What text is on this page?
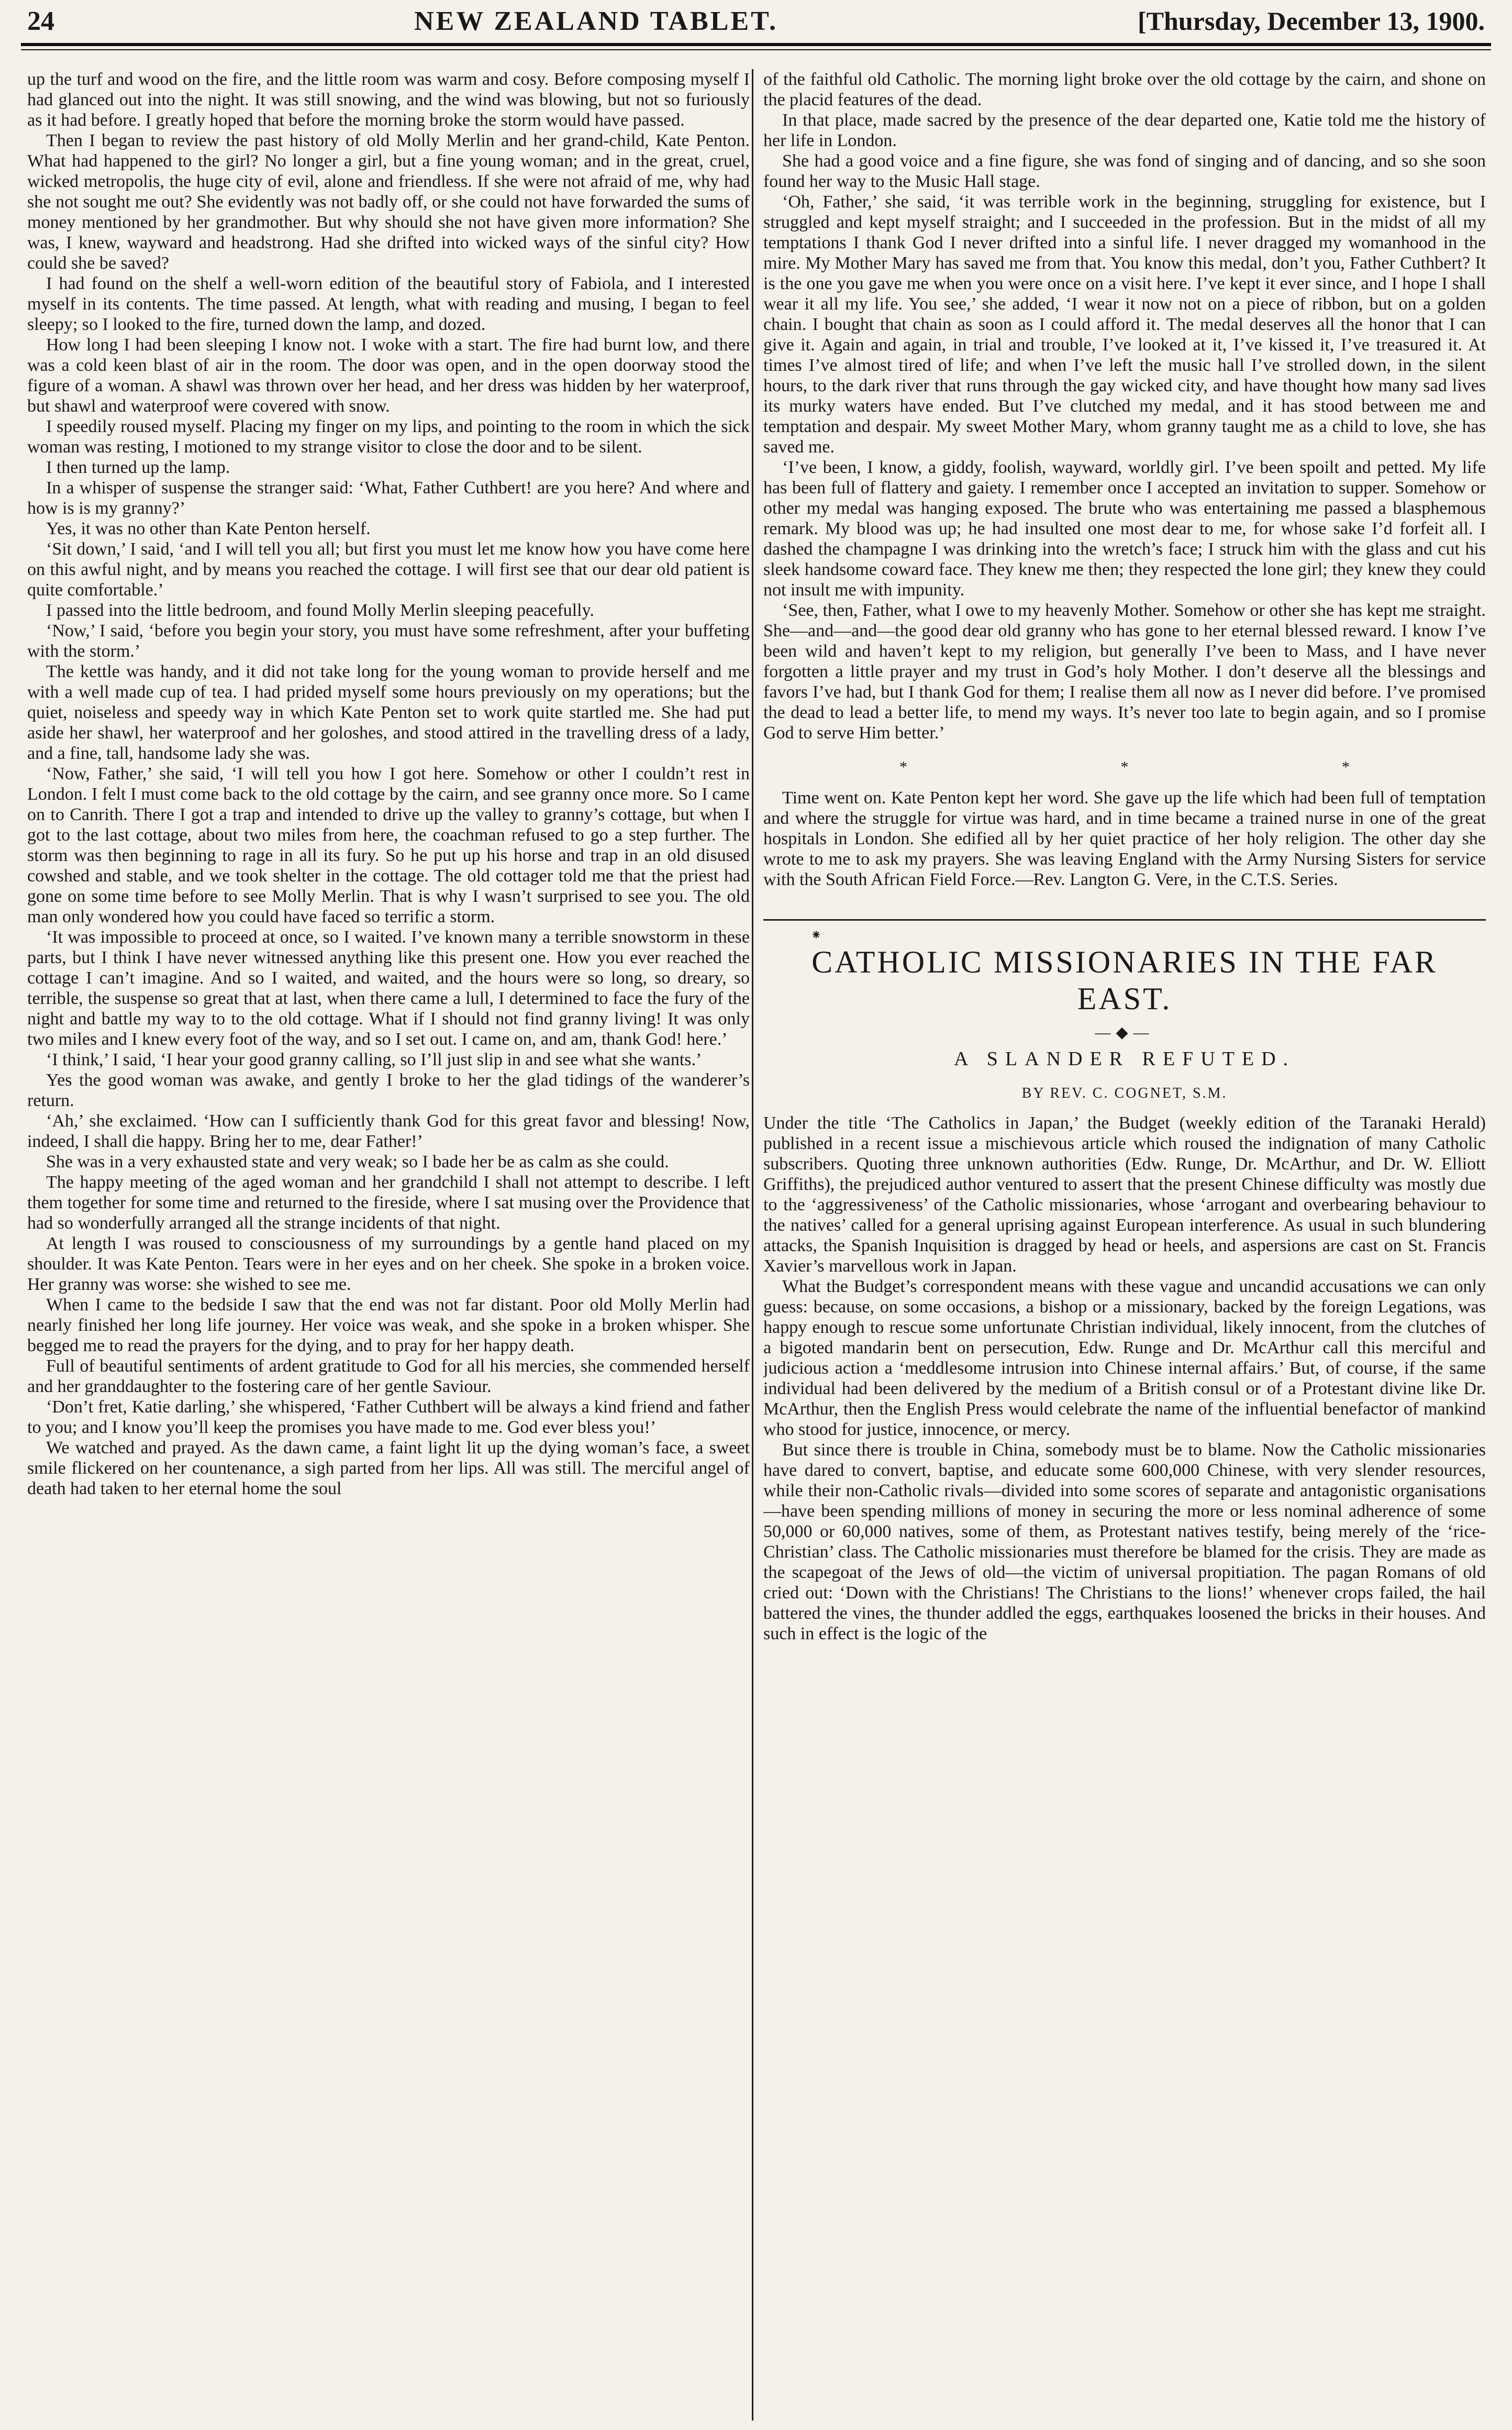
24	NEW ZEALAND TABLET.	[Thursday, December 13, 1900.

up the turf and wood on the fire, and the little room was warm and cosy. Before composing myself I had glanced out into the night. It was still snowing, and the wind was blowing, but not so furiously as it had before. I greatly hoped that before the morning broke the storm would have passed.

Then I began to review the past history of old Molly Merlin and her grand-child, Kate Penton. What had happened to the girl? No longer a girl, but a fine young woman; and in the great, cruel, wicked metropolis, the huge city of evil, alone and friendless. If she were not afraid of me, why had she not sought me out? She evidently was not badly off, or she could not have forwarded the sums of money mentioned by her grandmother. But why should she not have given more information? She was, I knew, wayward and headstrong. Had she drifted into wicked ways of the sinful city? How could she be saved?

I had found on the shelf a well-worn edition of the beautiful story of Fabiola, and I interested myself in its contents. The time passed. At length, what with reading and musing, I began to feel sleepy; so I looked to the fire, turned down the lamp, and dozed.

How long I had been sleeping I know not. I woke with a start. The fire had burnt low, and there was a cold keen blast of air in the room. The door was open, and in the open doorway stood the figure of a woman. A shawl was thrown over her head, and her dress was hidden by her waterproof, but shawl and waterproof were covered with snow.

I speedily roused myself. Placing my finger on my lips, and pointing to the room in which the sick woman was resting, I motioned to my strange visitor to close the door and to be silent.

I then turned up the lamp.

In a whisper of suspense the stranger said: ‘What, Father Cuthbert! are you here? And where and how is is my granny?’

Yes, it was no other than Kate Penton herself.

‘Sit down,’ I said, ‘and I will tell you all; but first you must let me know how you have come here on this awful night, and by means you reached the cottage. I will first see that our dear old patient is quite comfortable.’

I passed into the little bedroom, and found Molly Merlin sleeping peacefully.

‘Now,’ I said, ‘before you begin your story, you must have some refreshment, after your buffeting with the storm.’

The kettle was handy, and it did not take long for the young woman to provide herself and me with a well made cup of tea. I had prided myself some hours previously on my operations; but the quiet, noiseless and speedy way in which Kate Penton set to work quite startled me. She had put aside her shawl, her waterproof and her goloshes, and stood attired in the travelling dress of a lady, and a fine, tall, handsome lady she was.

‘Now, Father,’ she said, ‘I will tell you how I got here. Somehow or other I couldn’t rest in London. I felt I must come back to the old cottage by the cairn, and see granny once more. So I came on to Canrith. There I got a trap and intended to drive up the valley to granny’s cottage, but when I got to the last cottage, about two miles from here, the coachman refused to go a step further. The storm was then beginning to rage in all its fury. So he put up his horse and trap in an old disused cowshed and stable, and we took shelter in the cottage. The old cottager told me that the priest had gone on some time before to see Molly Merlin. That is why I wasn’t surprised to see you. The old man only wondered how you could have faced so terrific a storm.

‘It was impossible to proceed at once, so I waited. I’ve known many a terrible snowstorm in these parts, but I think I have never witnessed anything like this present one. How you ever reached the cottage I can’t imagine. And so I waited, and waited, and the hours were so long, so dreary, so terrible, the suspense so great that at last, when there came a lull, I determined to face the fury of the night and battle my way to to the old cottage. What if I should not find granny living! It was only two miles and I knew every foot of the way, and so I set out. I came on, and am, thank God! here.’

‘I think,’ I said, ‘I hear your good granny calling, so I’ll just slip in and see what she wants.’

Yes the good woman was awake, and gently I broke to her the glad tidings of the wanderer’s return.

‘Ah,’ she exclaimed. ‘How can I sufficiently thank God for this great favor and blessing! Now, indeed, I shall die happy. Bring her to me, dear Father!’

She was in a very exhausted state and very weak; so I bade her be as calm as she could.

The happy meeting of the aged woman and her grandchild I shall not attempt to describe. I left them together for some time and returned to the fireside, where I sat musing over the Providence that had so wonderfully arranged all the strange incidents of that night.

At length I was roused to consciousness of my surroundings by a gentle hand placed on my shoulder. It was Kate Penton. Tears were in her eyes and on her cheek. She spoke in a broken voice. Her granny was worse: she wished to see me.

When I came to the bedside I saw that the end was not far distant. Poor old Molly Merlin had nearly finished her long life journey. Her voice was weak, and she spoke in a broken whisper. She begged me to read the prayers for the dying, and to pray for her happy death.

Full of beautiful sentiments of ardent gratitude to God for all his mercies, she commended herself and her granddaughter to the fostering care of her gentle Saviour.

‘Don’t fret, Katie darling,’ she whispered, ‘Father Cuthbert will be always a kind friend and father to you; and I know you’ll keep the promises you have made to me. God ever bless you!’

We watched and prayed. As the dawn came, a faint light lit up the dying woman’s face, a sweet smile flickered on her countenance, a sigh parted from her lips. All was still. The merciful angel of death had taken to her eternal home the soul

of the faithful old Catholic. The morning light broke over the old cottage by the cairn, and shone on the placid features of the dead.

In that place, made sacred by the presence of the dear departed one, Katie told me the history of her life in London.

She had a good voice and a fine figure, she was fond of singing and of dancing, and so she soon found her way to the Music Hall stage.

‘Oh, Father,’ she said, ‘it was terrible work in the beginning, struggling for existence, but I struggled and kept myself straight; and I succeeded in the profession. But in the midst of all my temptations I thank God I never drifted into a sinful life. I never dragged my womanhood in the mire. My Mother Mary has saved me from that. You know this medal, don’t you, Father Cuthbert? It is the one you gave me when you were once on a visit here. I’ve kept it ever since, and I hope I shall wear it all my life. You see,’ she added, ‘I wear it now not on a piece of ribbon, but on a golden chain. I bought that chain as soon as I could afford it. The medal deserves all the honor that I can give it. Again and again, in trial and trouble, I’ve looked at it, I’ve kissed it, I’ve treasured it. At times I’ve almost tired of life; and when I’ve left the music hall I’ve strolled down, in the silent hours, to the dark river that runs through the gay wicked city, and have thought how many sad lives its murky waters have ended. But I’ve clutched my medal, and it has stood between me and temptation and despair. My sweet Mother Mary, whom granny taught me as a child to love, she has saved me.

‘I’ve been, I know, a giddy, foolish, wayward, worldly girl. I’ve been spoilt and petted. My life has been full of flattery and gaiety. I remember once I accepted an invitation to supper. Somehow or other my medal was hanging exposed. The brute who was entertaining me passed a blasphemous remark. My blood was up; he had insulted one most dear to me, for whose sake I’d forfeit all. I dashed the champagne I was drinking into the wretch’s face; I struck him with the glass and cut his sleek handsome coward face. They knew me then; they respected the lone girl; they knew they could not insult me with impunity.

‘See, then, Father, what I owe to my heavenly Mother. Somehow or other she has kept me straight. She—and—and—the good dear old granny who has gone to her eternal blessed reward. I know I’ve been wild and haven’t kept to my religion, but generally I’ve been to Mass, and I have never forgotten a little prayer and my trust in God’s holy Mother. I don’t deserve all the blessings and favors I’ve had, but I thank God for them; I realise them all now as I never did before. I’ve promised the dead to lead a better life, to mend my ways. It’s never too late to begin again, and so I promise God to serve Him better.’

* * *

Time went on. Kate Penton kept her word. She gave up the life which had been full of temptation and where the struggle for virtue was hard, and in time became a trained nurse in one of the great hospitals in London. She edified all by her quiet practice of her holy religion. The other day she wrote to me to ask my prayers. She was leaving England with the Army Nursing Sisters for service with the South African Field Force.—Rev. Langton G. Vere, in the C.T.S. Series.

⁕
CATHOLIC MISSIONARIES IN THE FAR EAST.
—◆—
A SLANDER REFUTED.
BY REV. C. COGNET, S.M.

Under the title ‘The Catholics in Japan,’ the Budget (weekly edition of the Taranaki Herald) published in a recent issue a mischievous article which roused the indignation of many Catholic subscribers. Quoting three unknown authorities (Edw. Runge, Dr. McArthur, and Dr. W. Elliott Griffiths), the prejudiced author ventured to assert that the present Chinese difficulty was mostly due to the ‘aggressiveness’ of the Catholic missionaries, whose ‘arrogant and overbearing behaviour to the natives’ called for a general uprising against European interference. As usual in such blundering attacks, the Spanish Inquisition is dragged by head or heels, and aspersions are cast on St. Francis Xavier’s marvellous work in Japan.

What the Budget’s correspondent means with these vague and uncandid accusations we can only guess: because, on some occasions, a bishop or a missionary, backed by the foreign Legations, was happy enough to rescue some unfortunate Christian individual, likely innocent, from the clutches of a bigoted mandarin bent on persecution, Edw. Runge and Dr. McArthur call this merciful and judicious action a ‘meddlesome intrusion into Chinese internal affairs.’ But, of course, if the same individual had been delivered by the medium of a British consul or of a Protestant divine like Dr. McArthur, then the English Press would celebrate the name of the influential benefactor of mankind who stood for justice, innocence, or mercy.

But since there is trouble in China, somebody must be to blame. Now the Catholic missionaries have dared to convert, baptise, and educate some 600,000 Chinese, with very slender resources, while their non-Catholic rivals—divided into some scores of separate and antagonistic organisations—have been spending millions of money in securing the more or less nominal adherence of some 50,000 or 60,000 natives, some of them, as Protestant natives testify, being merely of the ‘rice-Christian’ class. The Catholic missionaries must therefore be blamed for the crisis. They are made as the scapegoat of the Jews of old—the victim of universal propitiation. The pagan Romans of old cried out: ‘Down with the Christians! The Christians to the lions!’ whenever crops failed, the hail battered the vines, the thunder addled the eggs, earthquakes loosened the bricks in their houses. And such in effect is the logic of the
